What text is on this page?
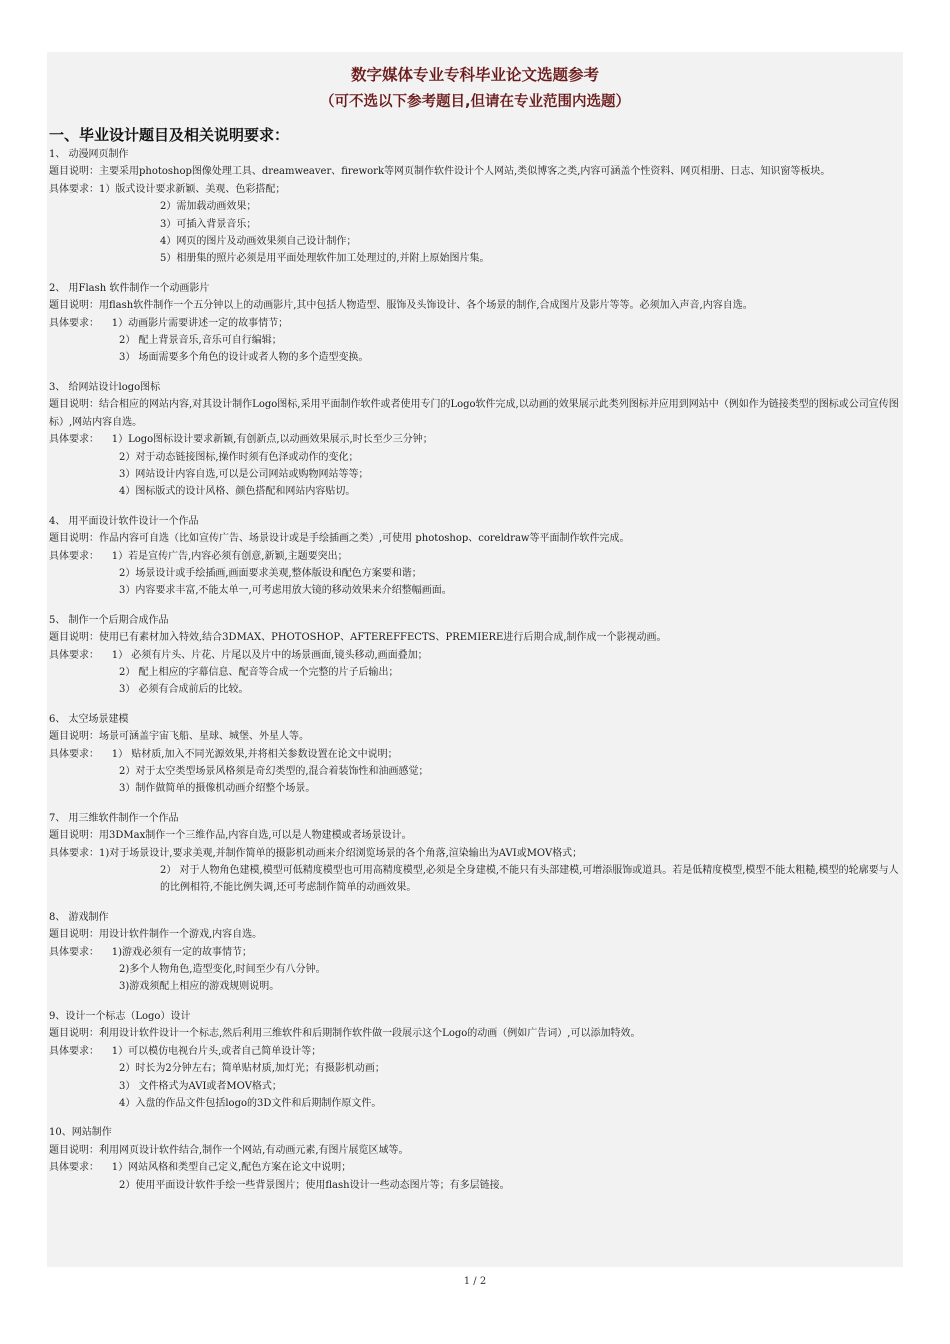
数字媒体专业专科毕业论文选题参考
（可不选以下参考题目,但请在专业范围内选题）
一、毕业设计题目及相关说明要求：
1、 动漫网页制作
题目说明：主要采用photoshop图像处理工具、dreamweaver、firework等网页制作软件设计个人网站,类似博客之类,内容可涵盖个性资料、网页相册、日志、知识窗等板块。
具体要求：1）版式设计要求新颖、美观、色彩搭配；
2）需加载动画效果；
3）可插入背景音乐；
4）网页的图片及动画效果须自己设计制作；
5）相册集的照片必须是用平面处理软件加工处理过的,并附上原始图片集。
2、 用Flash 软件制作一个动画影片
题目说明：用flash软件制作一个五分钟以上的动画影片,其中包括人物造型、服饰及头饰设计、各个场景的制作,合成图片及影片等等。必须加入声音,内容自选。
具体要求：    1）动画影片需要讲述一定的故事情节；
2） 配上背景音乐,音乐可自行编辑；
3） 场面需要多个角色的设计或者人物的多个造型变换。
3、 给网站设计logo图标
题目说明：结合相应的网站内容,对其设计制作Logo图标,采用平面制作软件或者使用专门的Logo软件完成,以动画的效果展示此类列图标并应用到网站中（例如作为链接类型的图标或公司宣传图标）,网站内容自选。
具体要求：    1）Logo图标设计要求新颖,有创新点,以动画效果展示,时长至少三分钟；
2）对于动态链接图标,操作时须有色泽或动作的变化；
3）网站设计内容自选,可以是公司网站或购物网站等等；
4）图标版式的设计风格、颜色搭配和网站内容贴切。
4、 用平面设计软件设计一个作品
题目说明：作品内容可自选（比如宣传广告、场景设计或是手绘插画之类）,可使用 photoshop、coreldraw等平面制作软件完成。
具体要求：    1）若是宣传广告,内容必须有创意,新颖,主题要突出；
2）场景设计或手绘插画,画面要求美观,整体版设和配色方案要和谐；
3）内容要求丰富,不能太单一,可考虑用放大镜的移动效果来介绍整幅画面。
5、 制作一个后期合成作品
题目说明：使用已有素材加入特效,结合3DMAX、PHOTOSHOP、AFTEREFFECTS、PREMIERE进行后期合成,制作成一个影视动画。
具体要求：    1） 必须有片头、片花、片尾以及片中的场景画面,镜头移动,画面叠加；
2） 配上相应的字幕信息、配音等合成一个完整的片子后输出；
3） 必须有合成前后的比较。
6、 太空场景建模
题目说明：场景可涵盖宇宙飞船、星球、城堡、外星人等。
具体要求：    1） 贴材质,加入不同光源效果,并将相关参数设置在论文中说明；
2）对于太空类型场景风格须是奇幻类型的,混合着装饰性和油画感觉；
3）制作做简单的摄像机动画介绍整个场景。
7、 用三维软件制作一个作品
题目说明：用3DMax制作一个三维作品,内容自选,可以是人物建模或者场景设计。
具体要求：1)对于场景设计,要求美观,并制作简单的摄影机动画来介绍浏览场景的各个角落,渲染输出为AVI或MOV格式；
2） 对于人物角色建模,模型可低精度模型也可用高精度模型,必须是全身建模,不能只有头部建模,可增添服饰或道具。若是低精度模型,模型不能太粗糙,模型的轮廓要与人的比例相符,不能比例失调,还可考虑制作简单的动画效果。
8、 游戏制作
题目说明：用设计软件制作一个游戏,内容自选。
具体要求：    1)游戏必须有一定的故事情节；
2)多个人物角色,造型变化,时间至少有八分钟。
3)游戏须配上相应的游戏规则说明。
9、设计一个标志（Logo）设计
题目说明：利用设计软件设计一个标志,然后利用三维软件和后期制作软件做一段展示这个Logo的动画（例如广告词）,可以添加特效。
具体要求：    1）可以模仿电视台片头,或者自己简单设计等；
2）时长为2分钟左右；简单贴材质,加灯光；有摄影机动画；
3） 文件格式为AVI或者MOV格式；
4）入盘的作品文件包括logo的3D文件和后期制作原文件。
10、网站制作
题目说明：利用网页设计软件结合,制作一个网站,有动画元素,有图片展览区域等。
具体要求：    1）网站风格和类型自己定义,配色方案在论文中说明；
2）使用平面设计软件手绘一些背景图片；使用flash设计一些动态图片等；有多层链接。
1 / 2
